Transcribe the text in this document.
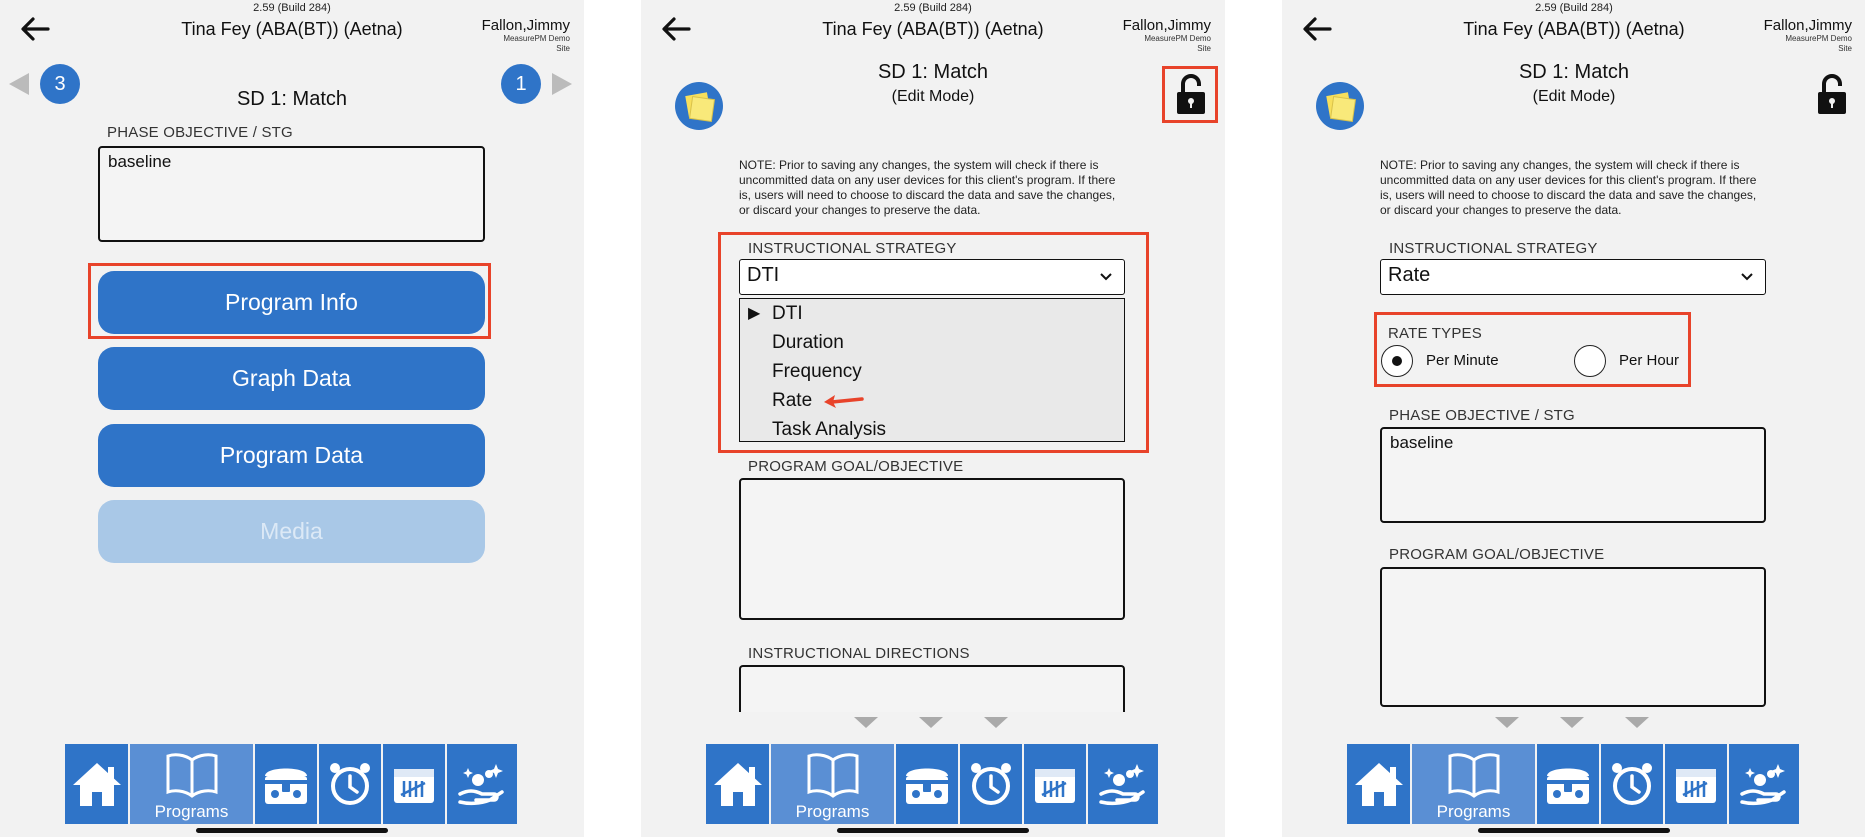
2.59 (Build 284)
Tina Fey (ABA(BT)) (Aetna)	Fallon,Jimmy
MeasurePM Demo
Site
3	1
SD 1: Match
PHASE OBJECTIVE / STG
baseline
Program Info
Graph Data
Program Data
Media
Programs
2.59 (Build 284)
Tina Fey (ABA(BT)) (Aetna)	Fallon,Jimmy
MeasurePM Demo
Site
SD 1: Match
(Edit Mode)
NOTE: Prior to saving any changes, the system will check if there is uncommitted data on any user devices for this client's program. If there is, users will need to choose to discard the data and save the changes, or discard your changes to preserve the data.
INSTRUCTIONAL STRATEGY
DTI
▶ DTI
Duration
Frequency
Rate
Task Analysis
PROGRAM GOAL/OBJECTIVE
INSTRUCTIONAL DIRECTIONS
Programs
2.59 (Build 284)
Tina Fey (ABA(BT)) (Aetna)	Fallon,Jimmy
MeasurePM Demo
Site
SD 1: Match
(Edit Mode)
NOTE: Prior to saving any changes, the system will check if there is uncommitted data on any user devices for this client's program. If there is, users will need to choose to discard the data and save the changes, or discard your changes to preserve the data.
INSTRUCTIONAL STRATEGY
Rate
RATE TYPES
Per Minute	Per Hour
PHASE OBJECTIVE / STG
baseline
PROGRAM GOAL/OBJECTIVE
Programs
